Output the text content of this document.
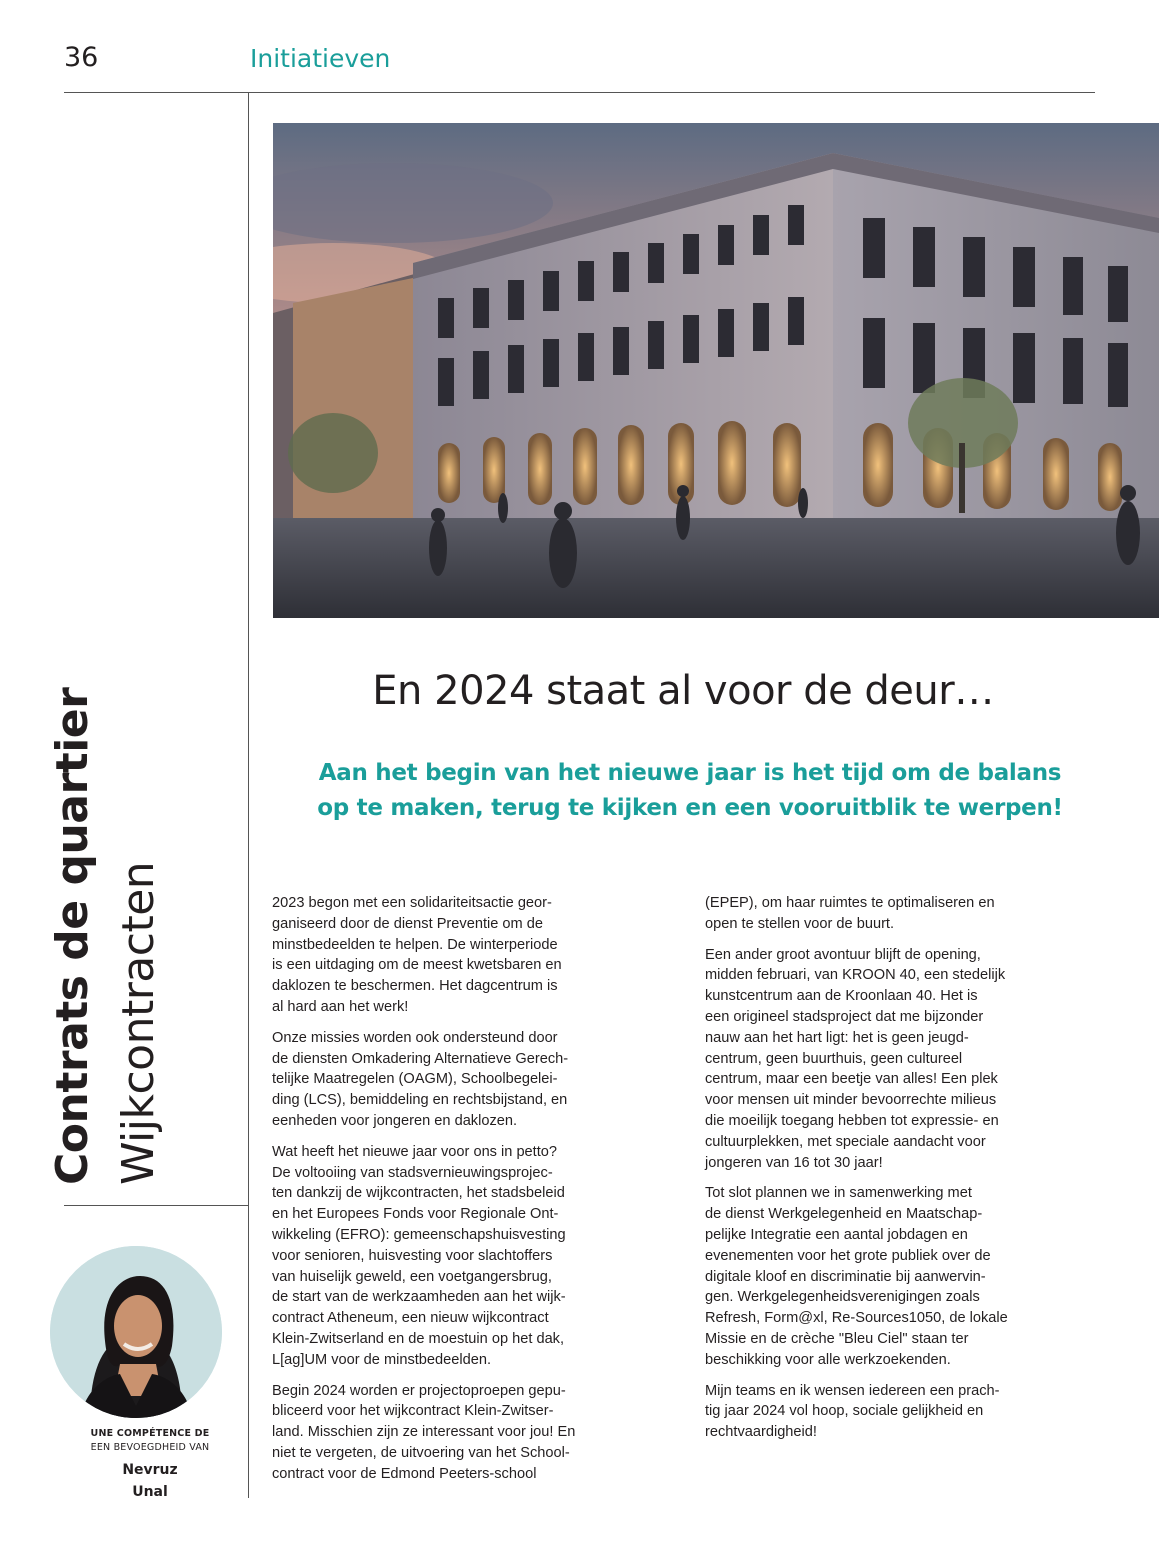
36	Initiatieven
Contrats de quartier Wijkcontracten
UNE COMPÉTENCE DE
EEN BEVOEGDHEID VAN
Nevruz
Unal
En 2024 staat al voor de deur…
Aan het begin van het nieuwe jaar is het tijd om de balans
op te maken, terug te kijken en een vooruitblik te werpen!

2023 begon met een solidariteitsactie geor-
ganiseerd door de dienst Preventie om de
minstbedeelden te helpen. De winterperiode
is een uitdaging om de meest kwetsbaren en
daklozen te beschermen. Het dagcentrum is
al hard aan het werk!

Onze missies worden ook ondersteund door
de diensten Omkadering Alternatieve Gerech-
telijke Maatregelen (OAGM), Schoolbegelei-
ding (LCS), bemiddeling en rechtsbijstand, en
eenheden voor jongeren en daklozen.

Wat heeft het nieuwe jaar voor ons in petto?
De voltooiing van stadsvernieuwingsprojec-
ten dankzij de wijkcontracten, het stadsbeleid
en het Europees Fonds voor Regionale Ont-
wikkeling (EFRO): gemeenschapshuisvesting
voor senioren, huisvesting voor slachtoffers
van huiselijk geweld, een voetgangersbrug,
de start van de werkzaamheden aan het wijk-
contract Atheneum, een nieuw wijkcontract
Klein-Zwitserland en de moestuin op het dak,
L[ag]UM voor de minstbedeelden.

Begin 2024 worden er projectoproepen gepu-
bliceerd voor het wijkcontract Klein-Zwitser-
land. Misschien zijn ze interessant voor jou! En
niet te vergeten, de uitvoering van het School-
contract voor de Edmond Peeters-school

(EPEP), om haar ruimtes te optimaliseren en
open te stellen voor de buurt.

Een ander groot avontuur blijft de opening,
midden februari, van KROON 40, een stedelijk
kunstcentrum aan de Kroonlaan 40. Het is
een origineel stadsproject dat me bijzonder
nauw aan het hart ligt: het is geen jeugd-
centrum, geen buurthuis, geen cultureel
centrum, maar een beetje van alles! Een plek
voor mensen uit minder bevoorrechte milieus
die moeilijk toegang hebben tot expressie- en
cultuurplekken, met speciale aandacht voor
jongeren van 16 tot 30 jaar!

Tot slot plannen we in samenwerking met
de dienst Werkgelegenheid en Maatschap-
pelijke Integratie een aantal jobdagen en
evenementen voor het grote publiek over de
digitale kloof en discriminatie bij aanwervin-
gen. Werkgelegenheidsverenigingen zoals
Refresh, Form@xl, Re-Sources1050, de lokale
Missie en de crèche "Bleu Ciel" staan ter
beschikking voor alle werkzoekenden.

Mijn teams en ik wensen iedereen een prach-
tig jaar 2024 vol hoop, sociale gelijkheid en
rechtvaardigheid!
